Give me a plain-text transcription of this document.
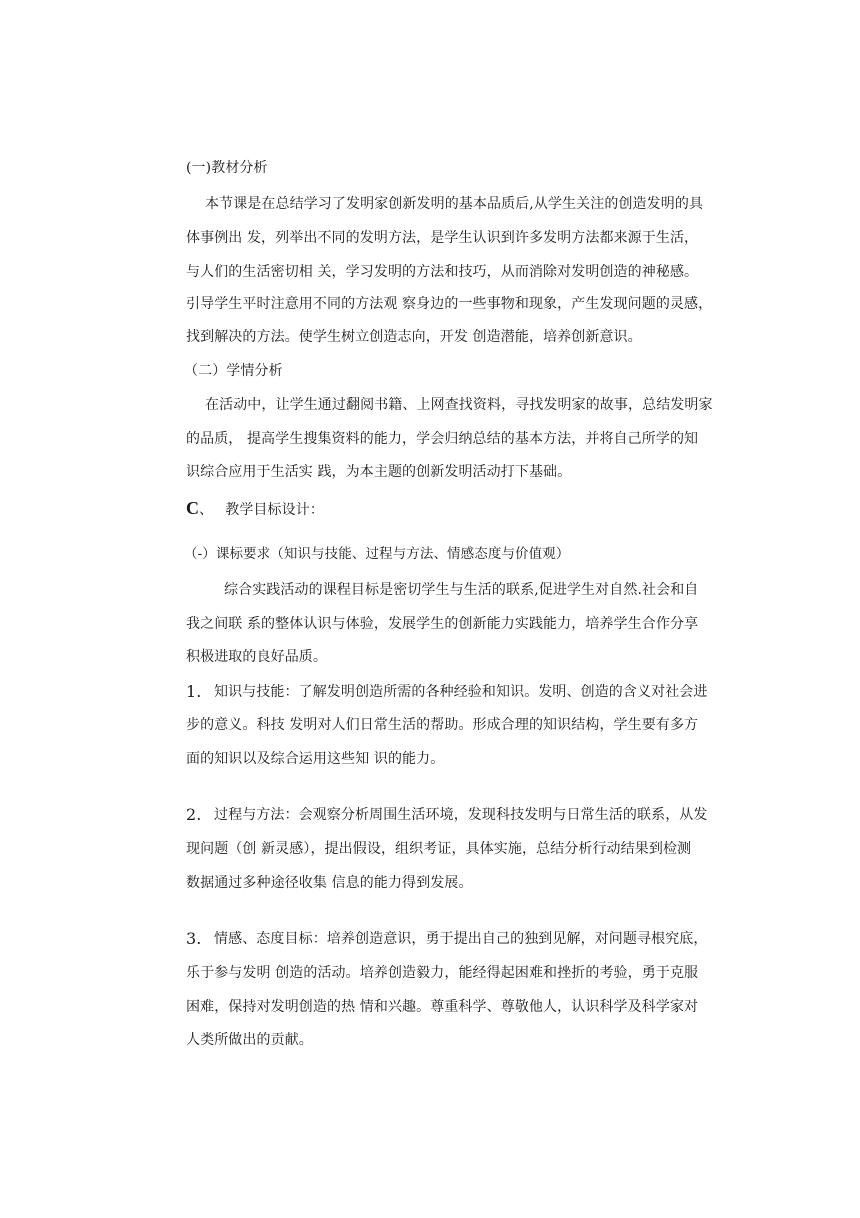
(一)教材分析
本节课是在总结学习了发明家创新发明的基本品质后,从学生关注的创造发明的具
体事例出 发，列举出不同的发明方法，是学生认识到许多发明方法都来源于生活，
与人们的生活密切相 关，学习发明的方法和技巧，从而消除对发明创造的神秘感。
引导学生平时注意用不同的方法观 察身边的一些事物和现象，产生发现问题的灵感，
找到解决的方法。使学生树立创造志向，开发 创造潜能，培养创新意识。
（二）学情分析
在活动中，让学生通过翻阅书籍、上网查找资料，寻找发明家的故事，总结发明家
的品质， 提高学生搜集资料的能力，学会归纳总结的基本方法，并将自己所学的知
识综合应用于生活实 践，为本主题的创新发明活动打下基础。
C、 教学目标设计：
（-）课标要求（知识与技能、过程与方法、情感态度与价值观）
综合实践活动的课程目标是密切学生与生活的联系,促进学生对自然.社会和自
我之间联 系的整体认识与体验，发展学生的创新能力实践能力，培养学生合作分享
积极进取的良好品质。
1. 知识与技能：了解发明创造所需的各种经验和知识。发明、创造的含义对社会进
步的意义。科技 发明对人们日常生活的帮助。形成合理的知识结构，学生要有多方
面的知识以及综合运用这些知 识的能力。
2. 过程与方法：会观察分析周围生活环境，发现科技发明与日常生活的联系，从发
现问题（创 新灵感），提出假设，组织考证，具体实施，总结分析行动结果到检测
数据通过多种途径收集 信息的能力得到发展。
3. 情感、态度目标：培养创造意识，勇于提出自己的独到见解，对问题寻根究底，
乐于参与发明 创造的活动。培养创造毅力，能经得起困难和挫折的考验，勇于克服
困难，保持对发明创造的热 情和兴趣。尊重科学、尊敬他人，认识科学及科学家对
人类所做出的贡献。
